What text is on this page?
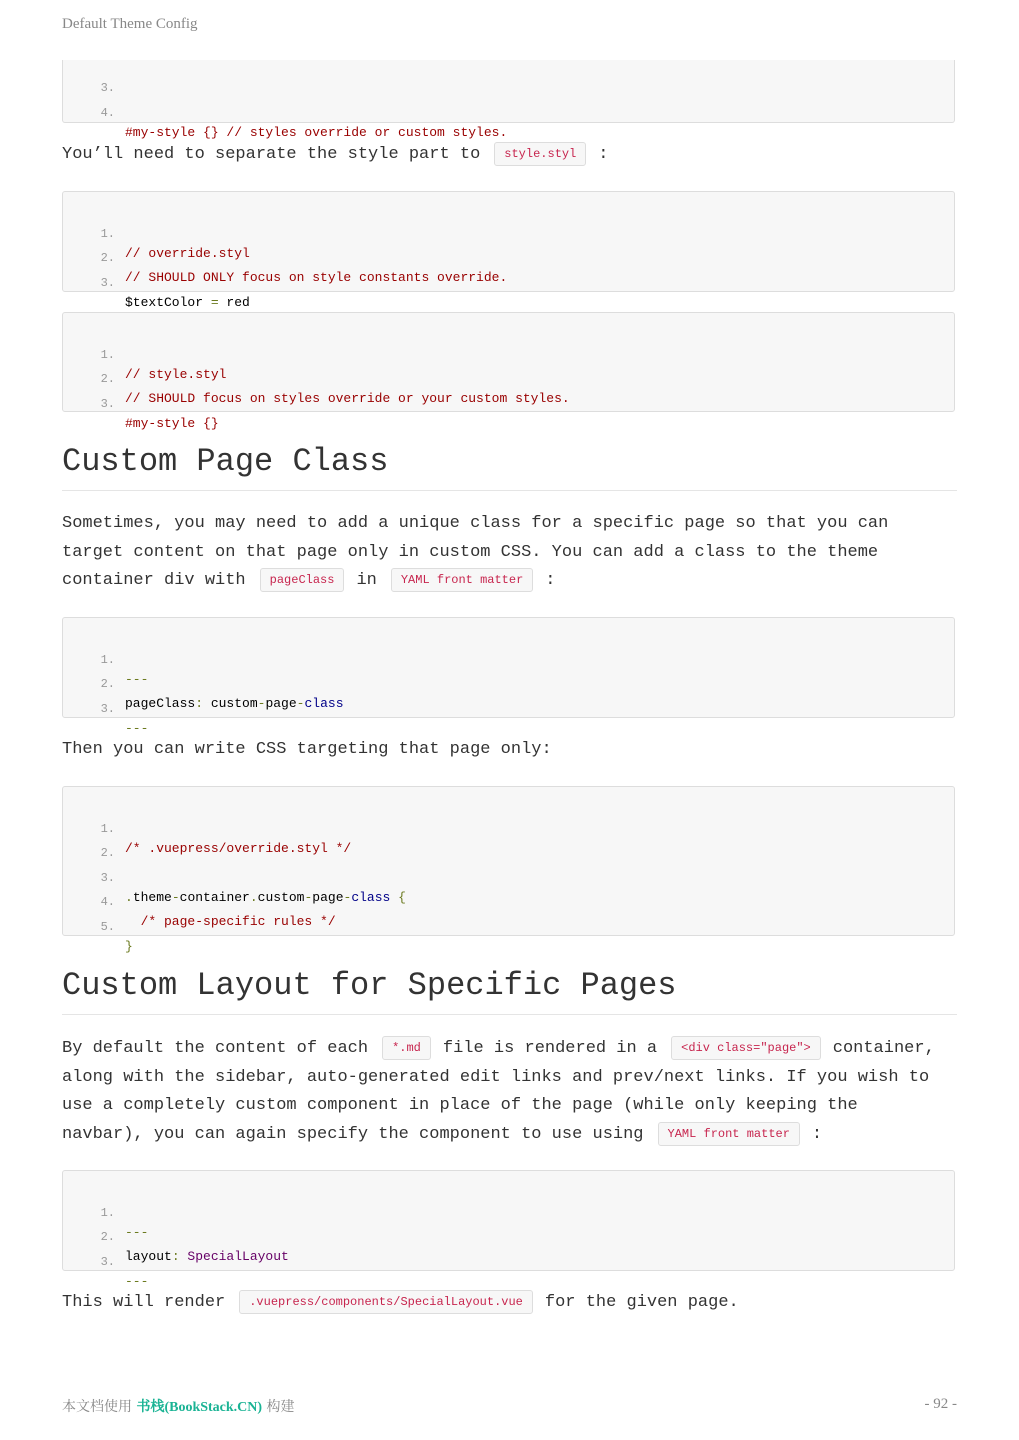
Default Theme Config

3.

4.

#my-style {} // styles override or custom styles.

You’ll need to separate the style part to style.styl :

1.

// override.styl

2.

// SHOULD ONLY focus on style constants override.

3.

$textColor = red

1.

// style.styl

2.

// SHOULD focus on styles override or your custom styles.

3.

#my-style {}

Custom Page Class
Sometimes, you may need to add a unique class for a specific page so that you can
target content on that page only in custom CSS. You can add a class to the theme
container div with pageClass in YAML front matter :

1.

---

2.

pageClass: custom-page-class

3.

---

Then you can write CSS targeting that page only:

1.

/* .vuepress/override.styl */

2.

3.

.theme-container.custom-page-class {

4.

/* page-specific rules */

5.

}

Custom Layout for Specific Pages
By default the content of each *.md file is rendered in a <div class="page"> container,
along with the sidebar, auto-generated edit links and prev/next links. If you wish to
use a completely custom component in place of the page (while only keeping the
navbar), you can again specify the component to use using YAML front matter :

1.

---

2.

layout: SpecialLayout

3.

---

This will render .vuepress/components/SpecialLayout.vue for the given page.
本文档使用 书栈(BookStack.CN) 构建	- 92 -
